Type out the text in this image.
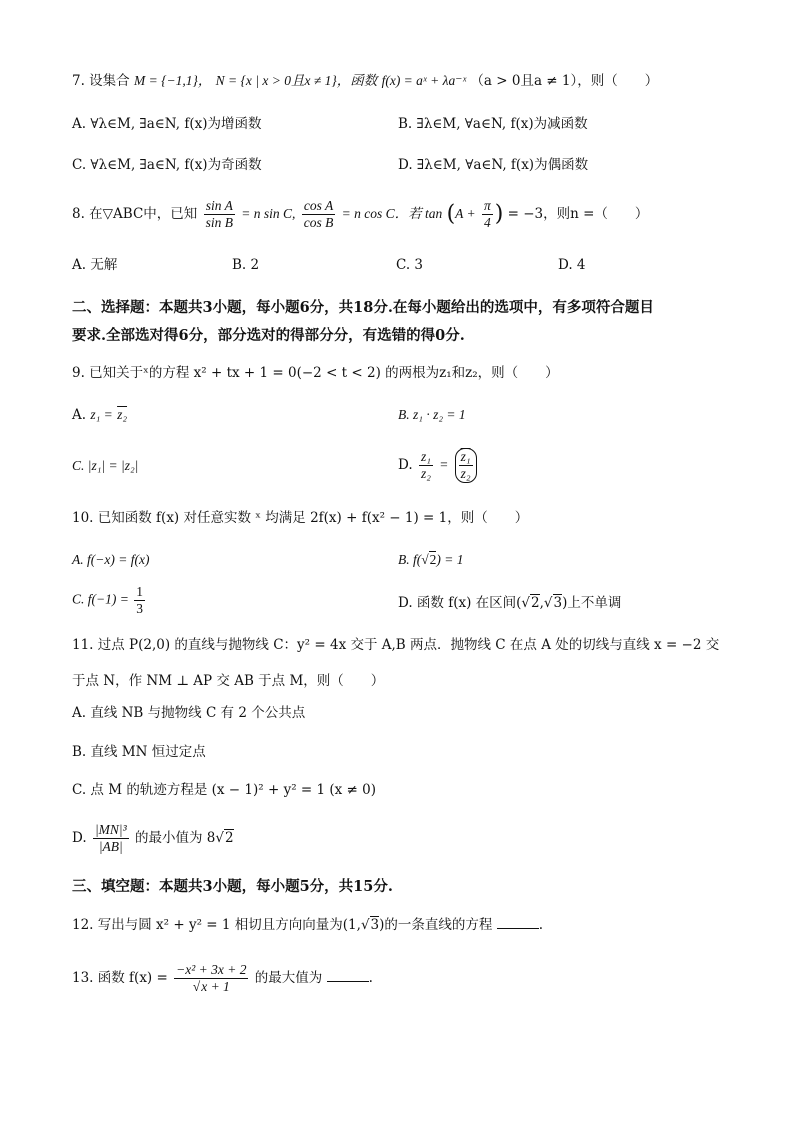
7. 设集合 M = {−1,1}， N = {x | x > 0且x ≠ 1}，函数 f(x) = aˣ + λa⁻ˣ （a > 0且a ≠ 1），则（　　）
A. ∀λ∈M, ∃a∈N, f(x)为增函数	B. ∃λ∈M, ∀a∈N, f(x)为减函数
C. ∀λ∈M, ∃a∈N, f(x)为奇函数	D. ∃λ∈M, ∀a∈N, f(x)为偶函数
8. 在▽ABC中，已知 $\frac{\text{sin A}}{\text{sin B}} = n$ sin C, $\frac{\text{cos A}}{\text{cos B}} = n$ cos C．若 $\tan (A + \frac{\pi}{4}$ ) = −3，则n =（　　）
A. 无解	B. 2	C. 3	D. 4
二、选择题：本题共3小题，每小题6分，共18分.在每小题给出的选项中，有多项符合题目
要求.全部选对得6分，部分选对的得部分分，有选错的得0分.
9. 已知关于ˣ的方程 x² + tx + 1 = 0(−2 < t < 2) 的两根为z₁和z₂，则（　　）
A. z₁ = z₂	B. z₁ · z₂ = 1
C. |z₁| = |z₂|	D. $\frac{\text{z₁}}{\text{z₂}} = \frac{\text{z₁}}{\text{z₂}}$
10. 已知函数 f(x) 对任意实数 ˣ 均满足 2f(x) + f(x² − 1) = 1，则（　　）
A. f(−x) = f(x)	B. f(√2) = 1
C. $f(-1) = \frac{1}{3}$	D. 函数 f(x) 在区间(√2,√3)上不单调
11. 过点 P(2,0) 的直线与抛物线 C：y² = 4x 交于 A,B 两点．抛物线 C 在点 A 处的切线与直线 x = −2 交
于点 N，作 NM ⊥ AP 交 AB 于点 M，则（　　）
A. 直线 NB 与抛物线 C 有 2 个公共点
B. 直线 MN 恒过定点
C. 点 M 的轨迹方程是 (x − 1)² + y² = 1 (x ≠ 0)
D. $\frac{\text{|MN|³}}{|AB|}$ 的最小值为 8√2
三、填空题：本题共3小题，每小题5分，共15分.
12. 写出与圆 x² + y² = 1 相切且方向向量为(1,√3)的一条直线的方程	.
13. 函数 $f(x) = \frac{\text{−x² + 3x + 2}}{√x + 1}$ 的最大值为	.
